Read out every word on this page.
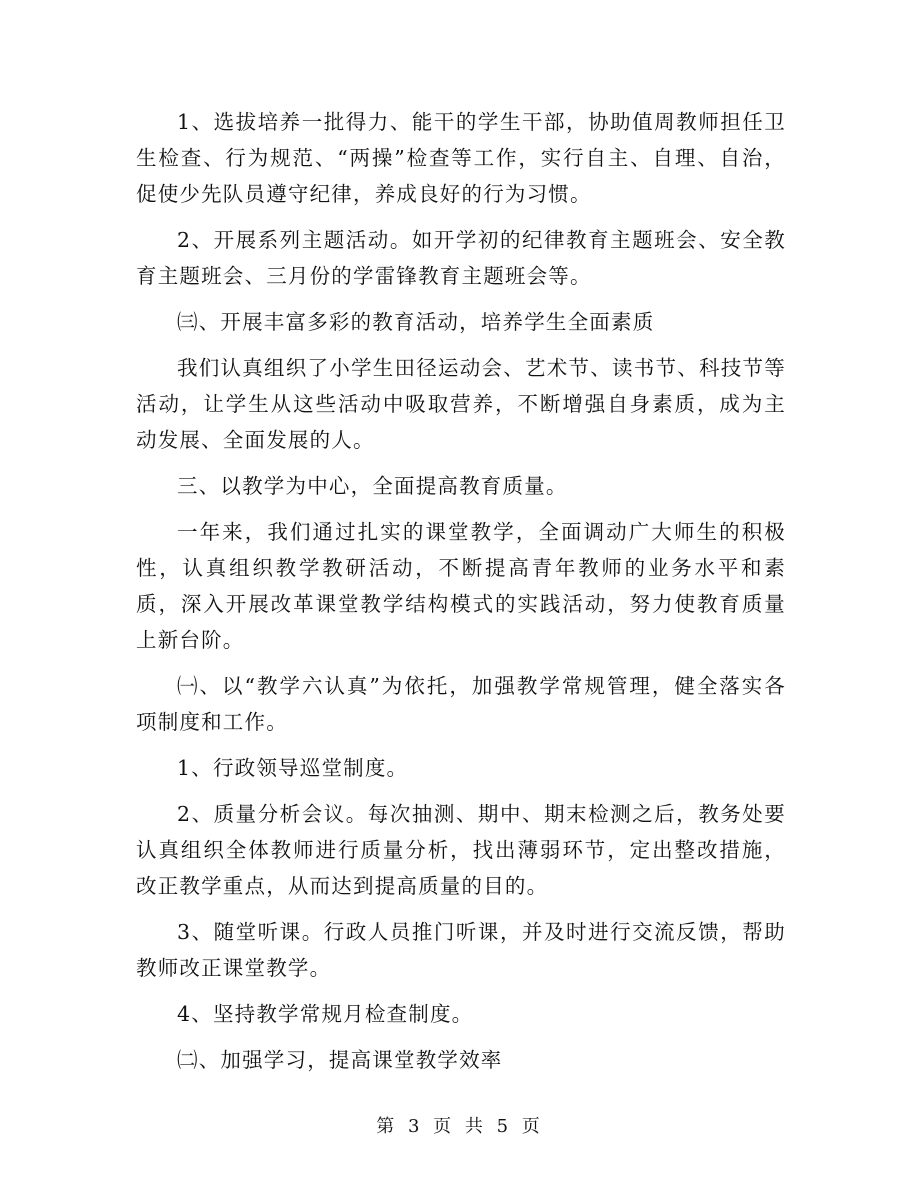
1、选拔培养一批得力、能干的学生干部，协助值周教师担任卫生检查、行为规范、“两操”检查等工作，实行自主、自理、自治，促使少先队员遵守纪律，养成良好的行为习惯。

2、开展系列主题活动。如开学初的纪律教育主题班会、安全教育主题班会、三月份的学雷锋教育主题班会等。

㈢、开展丰富多彩的教育活动，培养学生全面素质

我们认真组织了小学生田径运动会、艺术节、读书节、科技节等活动，让学生从这些活动中吸取营养，不断增强自身素质，成为主动发展、全面发展的人。

三、以教学为中心，全面提高教育质量。

一年来，我们通过扎实的课堂教学，全面调动广大师生的积极性，认真组织教学教研活动，不断提高青年教师的业务水平和素质，深入开展改革课堂教学结构模式的实践活动，努力使教育质量上新台阶。

㈠、以“教学六认真”为依托，加强教学常规管理，健全落实各项制度和工作。

1、行政领导巡堂制度。

2、质量分析会议。每次抽测、期中、期末检测之后，教务处要认真组织全体教师进行质量分析，找出薄弱环节，定出整改措施，改正教学重点，从而达到提高质量的目的。

3、随堂听课。行政人员推门听课，并及时进行交流反馈，帮助教师改正课堂教学。

4、坚持教学常规月检查制度。

㈡、加强学习，提高课堂教学效率

第 3 页 共 5 页
